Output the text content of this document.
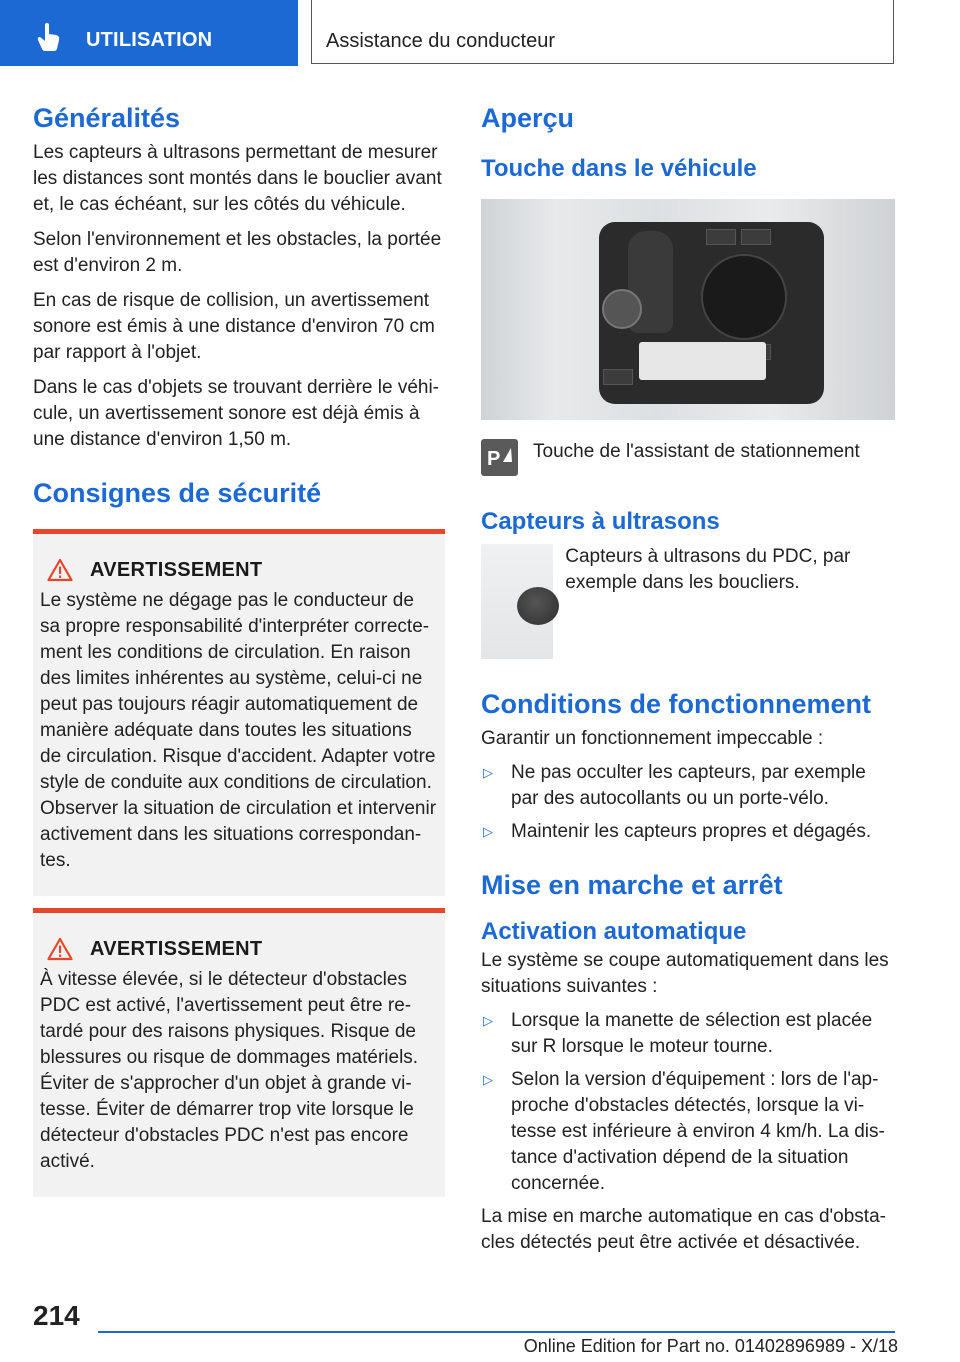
UTILISATION	Assistance du conducteur
Généralités

Les capteurs à ultrasons permettant de mesurer les distances sont montés dans le bouclier avant et, le cas échéant, sur les côtés du véhicule.

Selon l'environnement et les obstacles, la portée est d'environ 2 m.

En cas de risque de collision, un avertissement sonore est émis à une distance d'environ 70 cm par rapport à l'objet.

Dans le cas d'objets se trouvant derrière le véhi‐cule, un avertissement sonore est déjà émis à une distance d'environ 1,50 m.

Consignes de sécurité
AVERTISSEMENT

Le système ne dégage pas le conducteur de sa propre responsabilité d'interpréter correcte‐ment les conditions de circulation. En raison des limites inhérentes au système, celui-ci ne peut pas toujours réagir automatiquement de manière adéquate dans toutes les situations de circulation. Risque d'accident. Adapter votre style de conduite aux conditions de circulation. Observer la situation de circulation et intervenir activement dans les situations correspondan‐tes.

AVERTISSEMENT

À vitesse élevée, si le détecteur d'obstacles PDC est activé, l'avertissement peut être re‐tardé pour des raisons physiques. Risque de blessures ou risque de dommages matériels. Éviter de s'approcher d'un objet à grande vi‐tesse. Éviter de démarrer trop vite lorsque le détecteur d'obstacles PDC n'est pas encore activé.

Aperçu
Touche dans le véhicule
P Touche de l'assistant de stationnement

Capteurs à ultrasons

Capteurs à ultrasons du PDC, par exemple dans les boucliers.

Conditions de fonctionnement

Garantir un fonctionnement impeccable :

▷ Ne pas occulter les capteurs, par exemple par des autocollants ou un porte-vélo.
▷ Maintenir les capteurs propres et dégagés.
Mise en marche et arrêt
Activation automatique

Le système se coupe automatiquement dans les situations suivantes :

▷ Lorsque la manette de sélection est placée sur R lorsque le moteur tourne.
▷ Selon la version d'équipement : lors de l'ap‐proche d'obstacles détectés, lorsque la vi‐tesse est inférieure à environ 4 km/h. La dis‐tance d'activation dépend de la situation concernée.

La mise en marche automatique en cas d'obsta‐cles détectés peut être activée et désactivée.

214
Online Edition for Part no. 01402896989 - X/18
